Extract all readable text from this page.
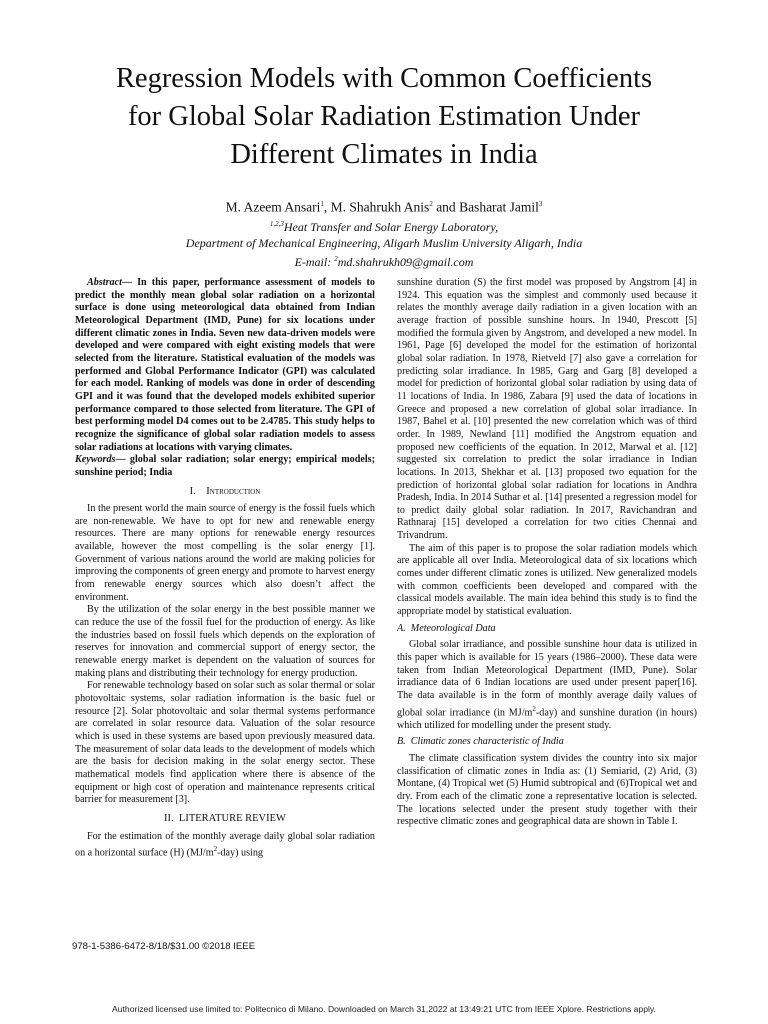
Regression Models with Common Coefficients
for Global Solar Radiation Estimation Under
Different Climates in India
M. Azeem Ansari$^1$, M. Shahrukh Anis$^2$ and Basharat Jamil$^3$
$^{1,2,3}$Heat Transfer and Solar Energy Laboratory,
Department of Mechanical Engineering, Aligarh Muslim University Aligarh, India
E-mail: $^2$md.shahrukh09@gmail.com

Abstract— In this paper, performance assessment of models to predict the monthly mean global solar radiation on a horizontal surface is done using meteorological data obtained from Indian Meteorological Department (IMD, Pune) for six locations under different climatic zones in India. Seven new data-driven models were developed and were compared with eight existing models that were selected from the literature. Statistical evaluation of the models was performed and Global Performance Indicator (GPI) was calculated for each model. Ranking of models was done in order of descending GPI and it was found that the developed models exhibited superior performance compared to those selected from literature. The GPI of best performing model D4 comes out to be 2.4785. This study helps to recognize the significance of global solar radiation models to assess solar radiations at locations with varying climates.

Keywords— global solar radiation; solar energy; empirical models; sunshine period; India

I. Introduction

In the present world the main source of energy is the fossil fuels which are non-renewable. We have to opt for new and renewable energy resources. There are many options for renewable energy resources available, however the most compelling is the solar energy [1]. Government of various nations around the world are making policies for improving the components of green energy and promote to harvest energy from renewable energy sources which also doesn’t affect the environment.

By the utilization of the solar energy in the best possible manner we can reduce the use of the fossil fuel for the production of energy. As like the industries based on fossil fuels which depends on the exploration of reserves for innovation and commercial support of energy sector, the renewable energy market is dependent on the valuation of sources for making plans and distributing their technology for energy production.

For renewable technology based on solar such as solar thermal or solar photovoltaic systems, solar radiation information is the basic fuel or resource [2]. Solar photovoltaic and solar thermal systems performance are correlated in solar resource data. Valuation of the solar resource which is used in these systems are based upon previously measured data. The measurement of solar data leads to the development of models which are the basis for decision making in the solar energy sector. These mathematical models find application where there is absence of the equipment or high cost of operation and maintenance represents critical barrier for measurement [3].

II. LITERATURE REVIEW

For the estimation of the monthly average daily global solar radiation on a horizontal surface (H) $(MJ/m^2-day)$ using

sunshine duration (S) the first model was proposed by Angstrom [4] in 1924. This equation was the simplest and commonly used because it relates the monthly average daily radiation in a given location with an average fraction of possible sunshine hours. In 1940, Prescott [5] modified the formula given by Angstrom, and developed a new model. In 1961, Page [6] developed the model for the estimation of horizontal global solar radiation. In 1978, Rietveld [7] also gave a correlation for predicting solar irradiance. In 1985, Garg and Garg [8] developed a model for prediction of horizontal global solar radiation by using data of 11 locations of India. In 1986, Zabara [9] used the data of locations in Greece and proposed a new correlation of global solar irradiance. In 1987, Bahel et al. [10] presented the new correlation which was of third order. In 1989, Newland [11] modified the Angstrom equation and proposed new coefficients of the equation. In 2012, Marwal et al. [12] suggested six correlation to predict the solar irradiance in Indian locations. In 2013, Shekhar et al. [13] proposed two equation for the prediction of horizontal global solar radiation for locations in Andhra Pradesh, India. In 2014 Suthar et al. [14] presented a regression model for to predict daily global solar radiation. In 2017, Ravichandran and Rathnaraj [15] developed a correlation for two cities Chennai and Trivandrum.

The aim of this paper is to propose the solar radiation models which are applicable all over India. Meteorological data of six locations which comes under different climatic zones is utilized. New generalized models with common coefficients been developed and compared with the classical models available. The main idea behind this study is to find the appropriate model by statistical evaluation.

A. Meteorological Data

Global solar irradiance, and possible sunshine hour data is utilized in this paper which is available for 15 years (1986–2000). These data were taken from Indian Meteorological Department (IMD, Pune). Solar irradiance data of 6 Indian locations are used under present paper[16]. The data available is in the form of monthly average daily values of global solar irradiance (in $MJ/m^2-day$) and sunshine duration (in hours) which utilized for modelling under the present study.

B. Climatic zones characteristic of India

The climate classification system divides the country into six major classification of climatic zones in India as: (1) Semiarid, (2) Arid, (3) Montane, (4) Tropical wet (5) Humid subtropical and (6)Tropical wet and dry. From each of the climatic zone a representative location is selected. The locations selected under the present study together with their respective climatic zones and geographical data are shown in Table I.

978-1-5386-6472-8/18/$31.00 ©2018 IEEE
Authorized licensed use limited to: Politecnico di Milano. Downloaded on March 31,2022 at 13:49:21 UTC from IEEE Xplore. Restrictions apply.
